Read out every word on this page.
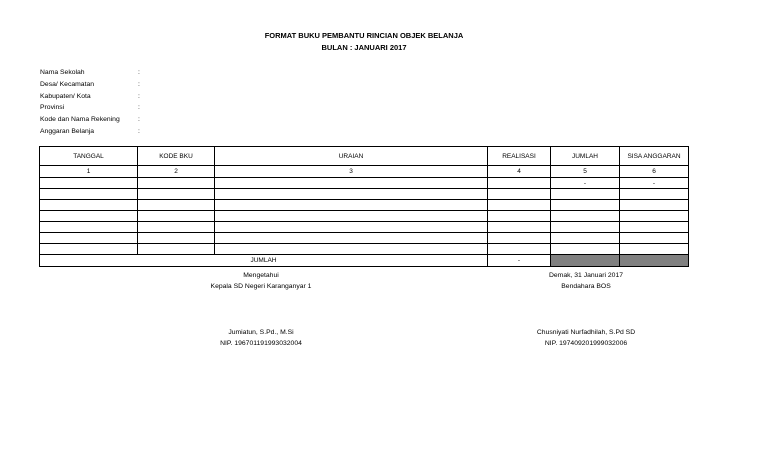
FORMAT BUKU PEMBANTU RINCIAN OBJEK BELANJA
BULAN : JANUARI 2017
Nama Sekolah	:
Desa/ Kecamatan	:
Kabupaten/ Kota	:
Provinsi	:
Kode dan Nama Rekening	:
Anggaran Belanja	:
TANGGAL	KODE BKU	URAIAN	REALISASI	JUMLAH	SISA ANGGARAN
1	2	3	4	5	6
				-	-

JUMLAH			-		
Mengetahui
Kepala SD Negeri Karanganyar 1
Jumiatun, S.Pd., M.Si
NIP. 196701191993032004
Demak, 31 Januari 2017
Bendahara BOS
Chusniyati Nurfadhilah, S.Pd SD
NIP. 197409201999032006
